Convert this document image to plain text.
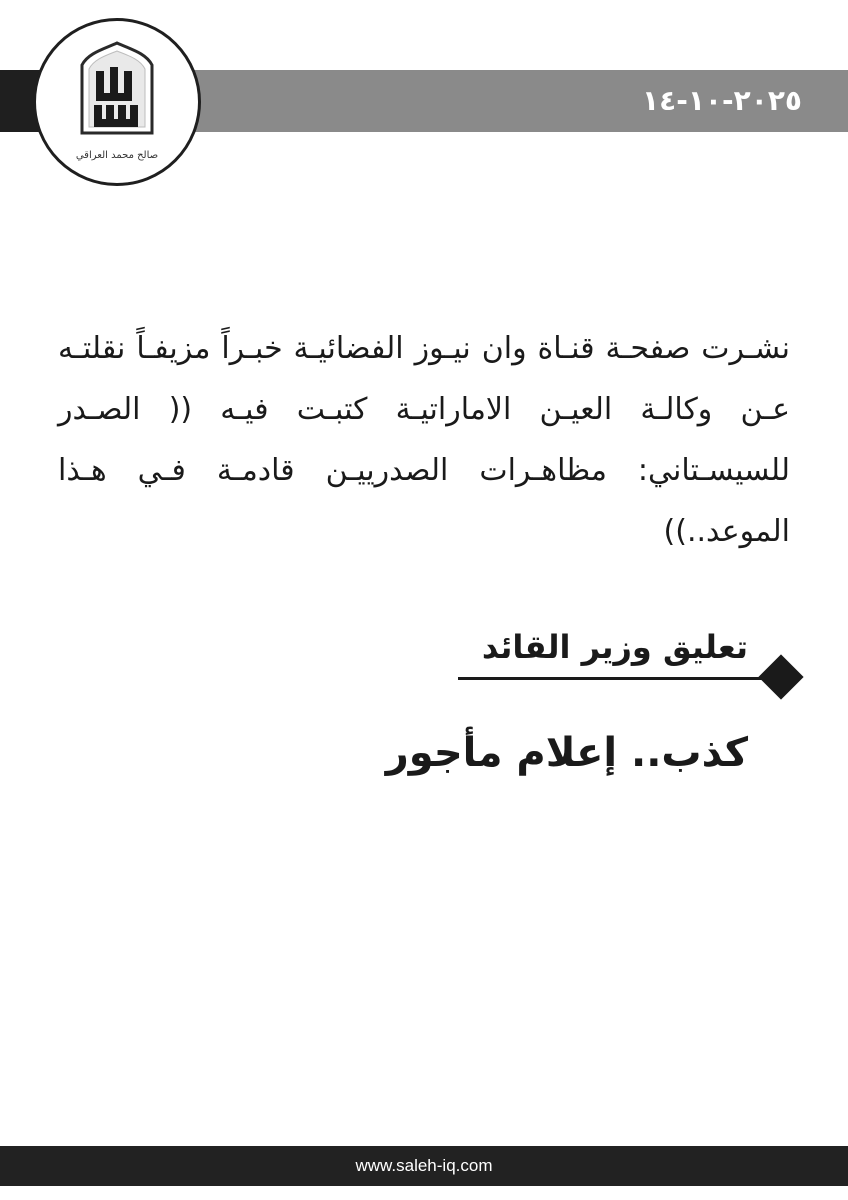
٢٠٢٥-١٠-١٤
صالح محمد العراقي
نشـرت صفحـة قنـاة وان نيـوز الفضائيـة خبـراً مزيفـاً نقلتـه عـن وكالـة العيـن الاماراتيـة كتبـت فيـه (( الصـدر للسيسـتاني: مظاهـرات الصدرييـن قادمـة فـي هـذا الموعد..))
تعليق وزير القائد
كذب.. إعلام مأجور
www.saleh-iq.com
